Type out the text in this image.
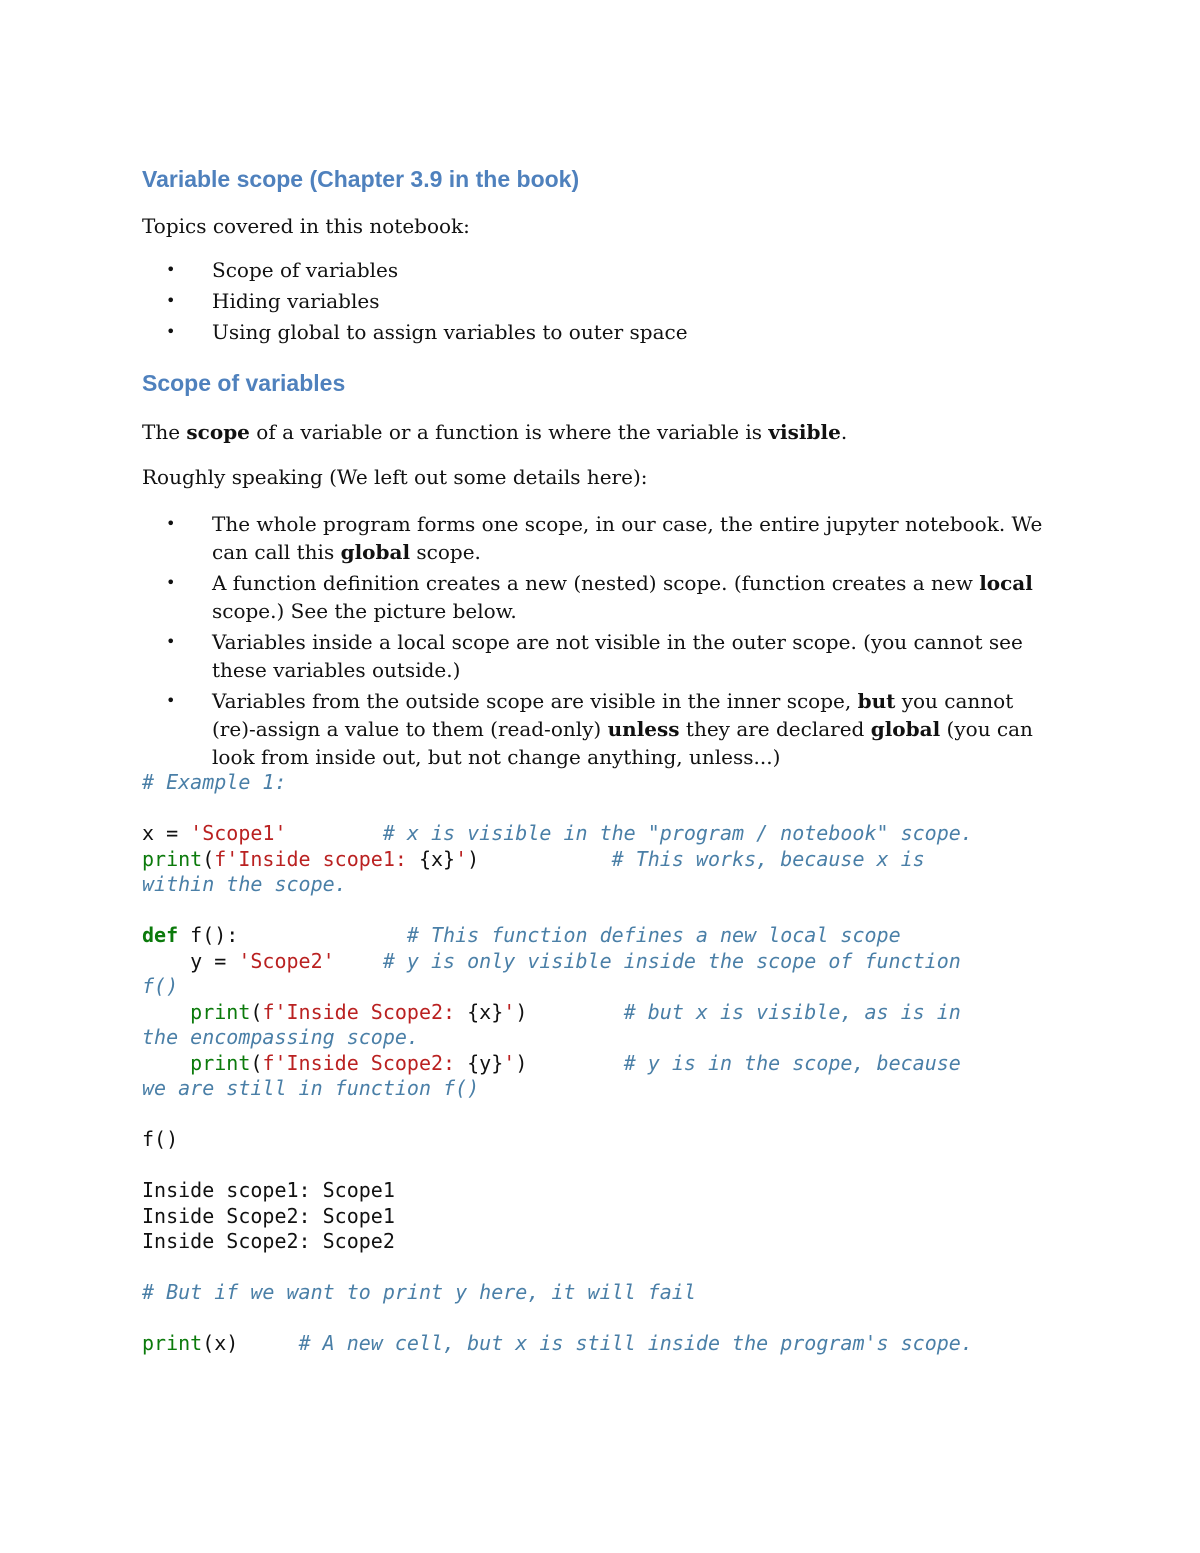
Variable scope (Chapter 3.9 in the book)

Topics covered in this notebook:

• Scope of variables
• Hiding variables
• Using global to assign variables to outer space
Scope of variables

The scope of a variable or a function is where the variable is visible.

Roughly speaking (We left out some details here):

• The whole program forms one scope, in our case, the entire jupyter notebook. We can call this global scope.
• A function definition creates a new (nested) scope. (function creates a new local scope.) See the picture below.
• Variables inside a local scope are not visible in the outer scope. (you cannot see these variables outside.)
• Variables from the outside scope are visible in the inner scope, but you cannot (re)-assign a value to them (read-only) unless they are declared global (you can look from inside out, but not change anything, unless...)
# Example 1:

x = 'Scope1'	# x is visible in the "program / notebook" scope.
print(f'Inside scope1: {x}')	# This works, because x is
within the scope.

def f():	# This function defines a new local scope
y = 'Scope2' # y is only visible inside the scope of function
f()
print(f'Inside Scope2: {x}')	# but x is visible, as is in
the encompassing scope.
print(f'Inside Scope2: {y}')	# y is in the scope, because
we are still in function f()

f()

Inside scope1: Scope1
Inside Scope2: Scope1
Inside Scope2: Scope2

# But if we want to print y here, it will fail

print(x)	# A new cell, but x is still inside the program's scope.
